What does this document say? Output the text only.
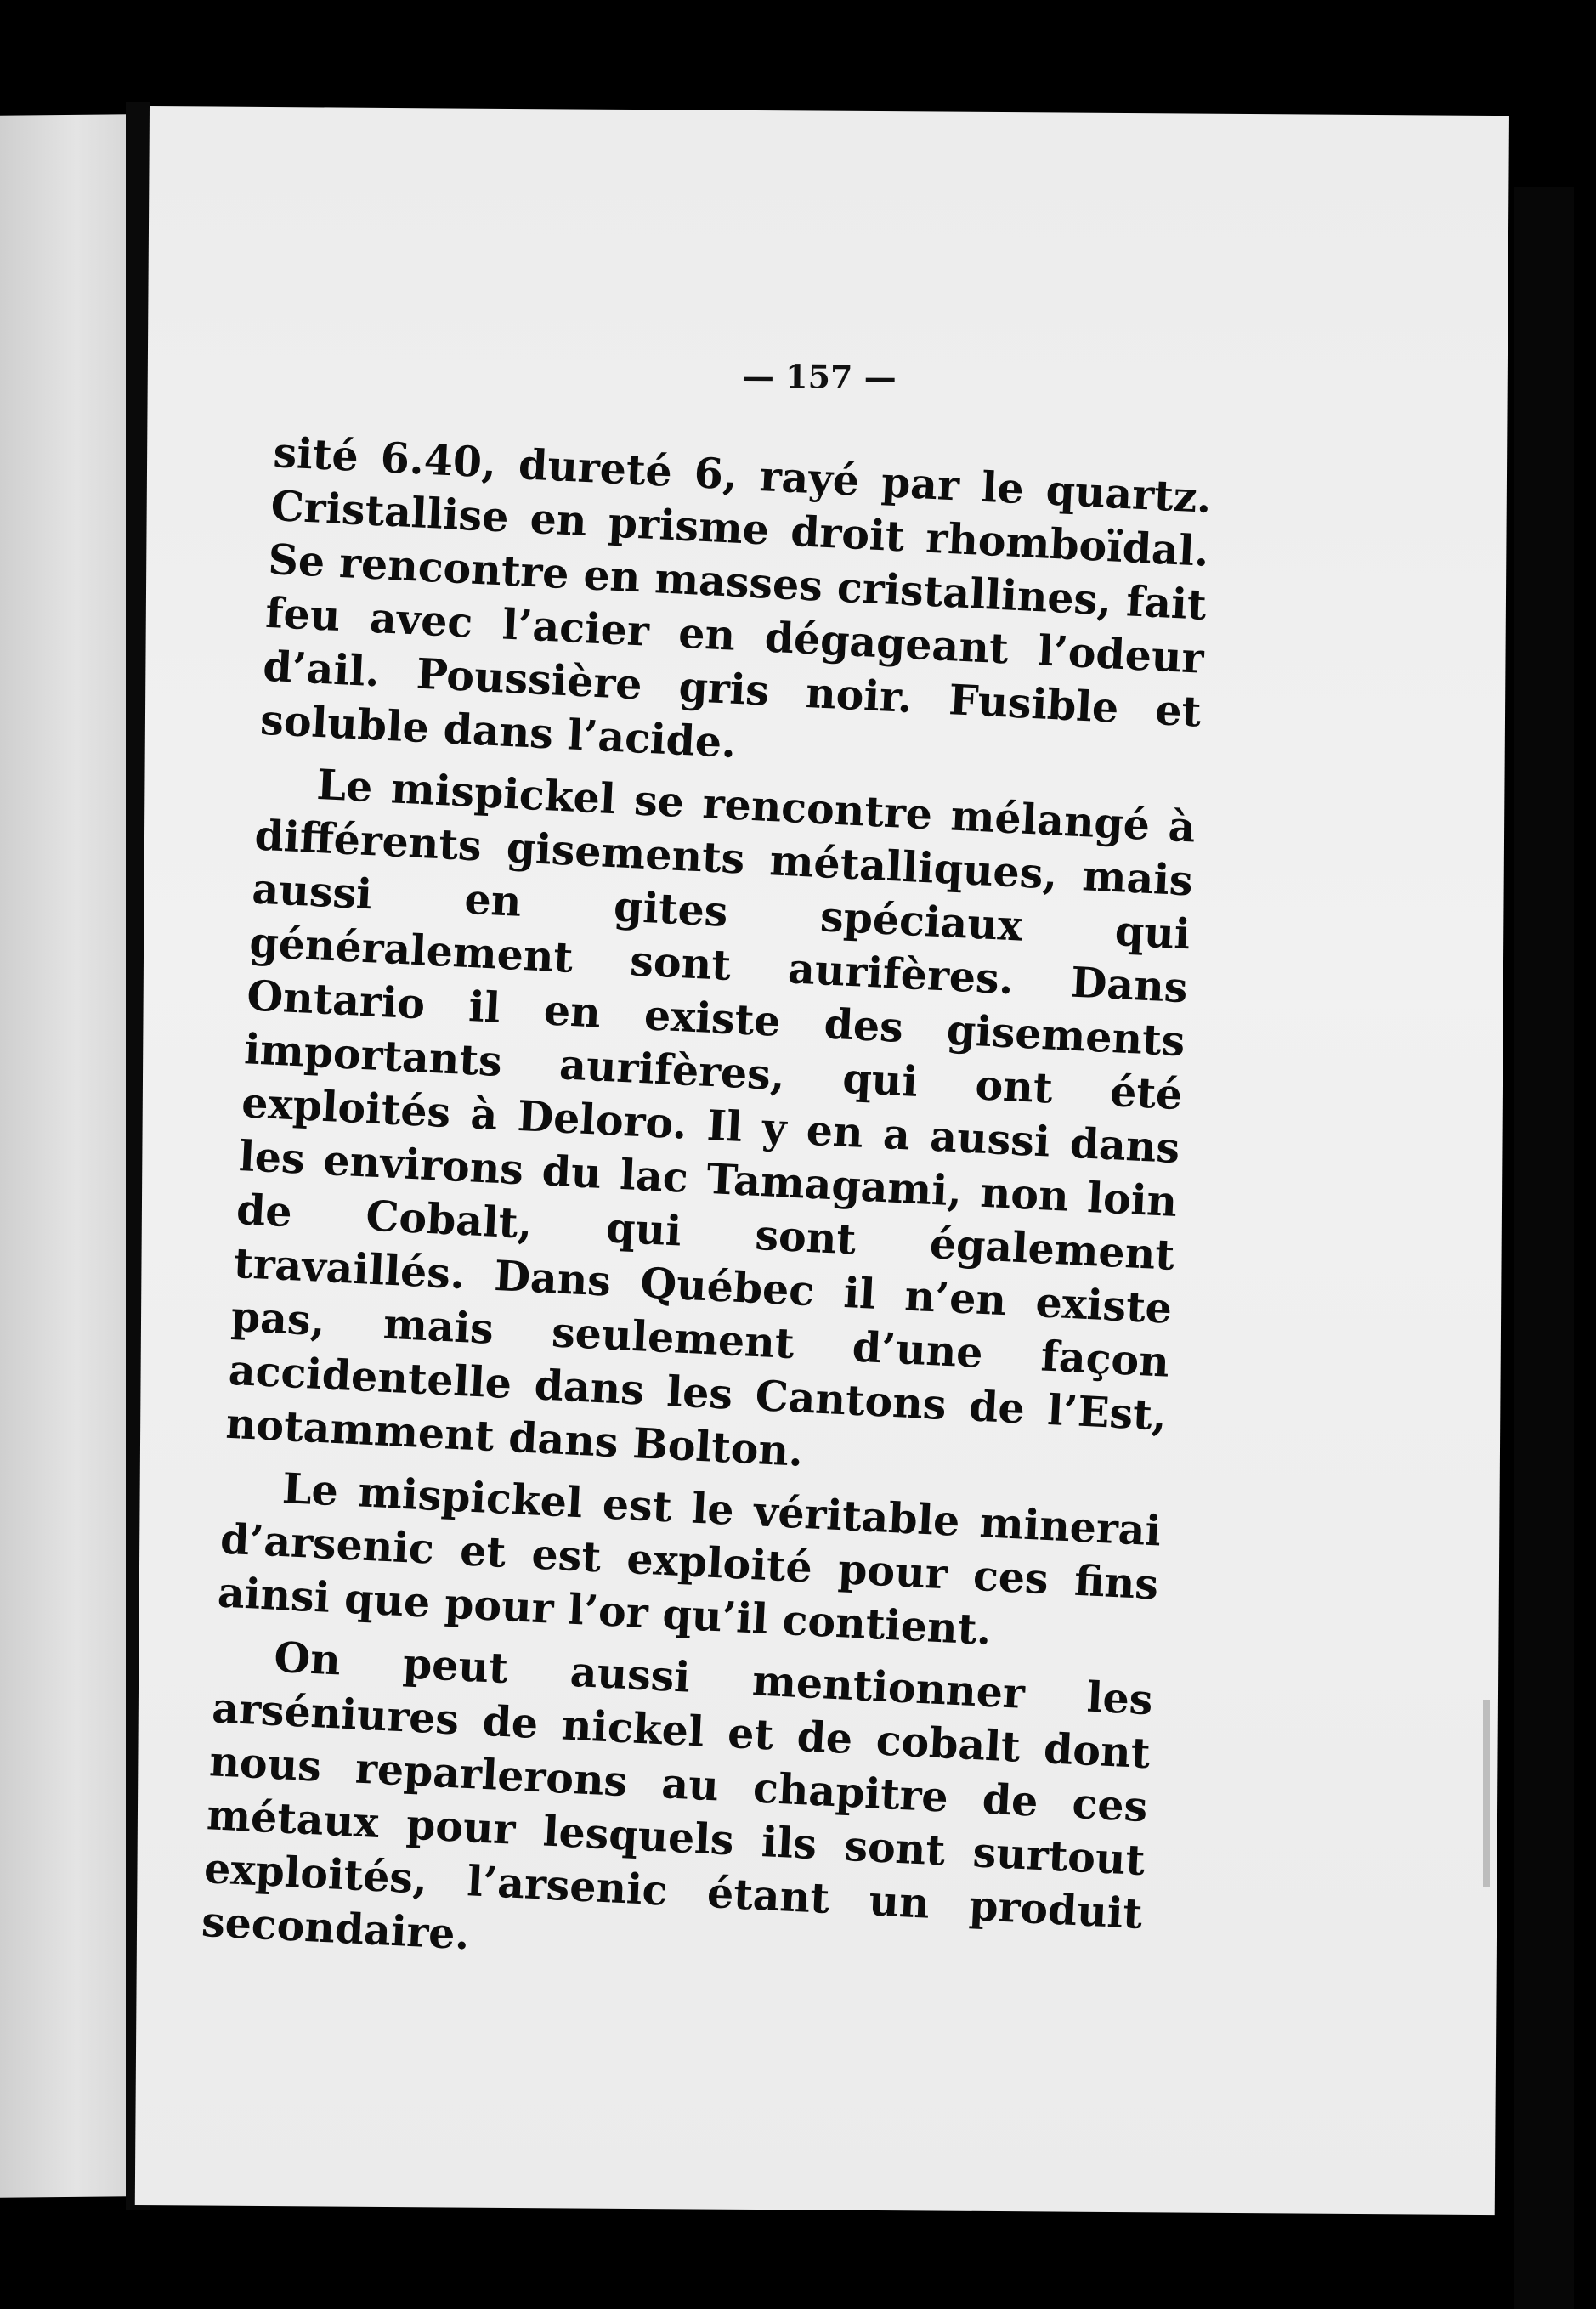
— 157 —

sité 6.40, dureté 6, rayé par le quartz. Cristallise en prisme droit rhomboïdal. Se rencontre en masses cristallines, fait feu avec l’acier en dégageant l’odeur d’ail. Poussière gris noir. Fusible et soluble dans l’acide.

Le mispickel se rencontre mélangé à différents gisements métalliques, mais aussi en gites spéciaux qui généralement sont aurifères. Dans Ontario il en existe des gisements importants aurifères, qui ont été exploités à Deloro. Il y en a aussi dans les environs du lac Tamagami, non loin de Cobalt, qui sont également travaillés. Dans Québec il n’en existe pas, mais seulement d’une façon accidentelle dans les Cantons de l’Est, notamment dans Bolton.

Le mispickel est le véritable minerai d’arsenic et est exploité pour ces fins ainsi que pour l’or qu’il contient.

On peut aussi mentionner les arséniures de nickel et de cobalt dont nous reparlerons au chapitre de ces métaux pour lesquels ils sont surtout exploités, l’arsenic étant un produit secondaire.
